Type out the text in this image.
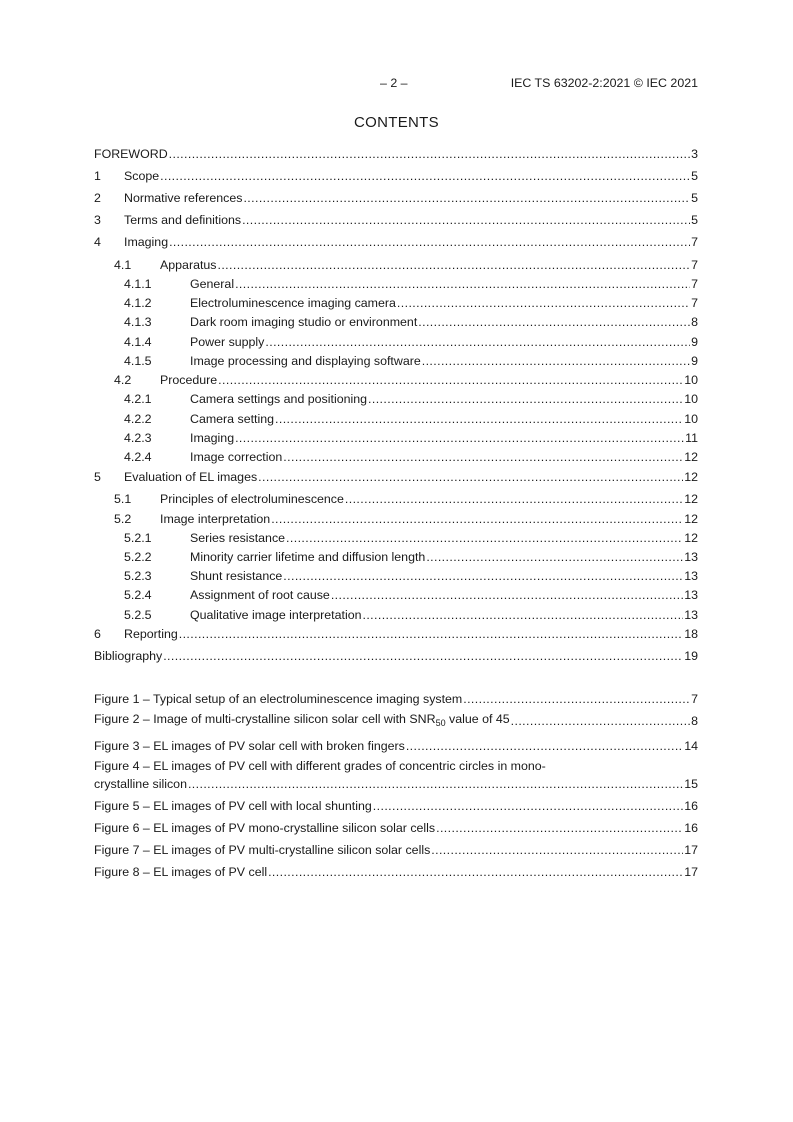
– 2 –	IEC TS 63202-2:2021 © IEC 2021
CONTENTS
FOREWORD .....	3
1	Scope .....	5
2	Normative references .....	5
3	Terms and definitions .....	5
4	Imaging .....	7
4.1	Apparatus .....	7
4.1.1	General .....	7
4.1.2	Electroluminescence imaging camera .....	7
4.1.3	Dark room imaging studio or environment .....	8
4.1.4	Power supply .....	9
4.1.5	Image processing and displaying software .....	9
4.2	Procedure .....	10
4.2.1	Camera settings and positioning .....	10
4.2.2	Camera setting .....	10
4.2.3	Imaging .....	11
4.2.4	Image correction .....	12
5	Evaluation of EL images .....	12
5.1	Principles of electroluminescence .....	12
5.2	Image interpretation .....	12
5.2.1	Series resistance .....	12
5.2.2	Minority carrier lifetime and diffusion length .....	13
5.2.3	Shunt resistance .....	13
5.2.4	Assignment of root cause .....	13
5.2.5	Qualitative image interpretation .....	13
6	Reporting .....	18
Bibliography .....	19
Figure 1 – Typical setup of an electroluminescence imaging system .....	7
Figure 2 – Image of multi-crystalline silicon solar cell with $SNR_{50}$ value of 45 .....	8
Figure 3 – EL images of PV solar cell with broken fingers .....	14
Figure 4 – EL images of PV cell with different grades of concentric circles in mono-
crystalline silicon .....	15
Figure 5 – EL images of PV cell with local shunting .....	16
Figure 6 – EL images of PV mono-crystalline silicon solar cells .....	16
Figure 7 – EL images of PV multi-crystalline silicon solar cells .....	17
Figure 8 – EL images of PV cell .....	17
